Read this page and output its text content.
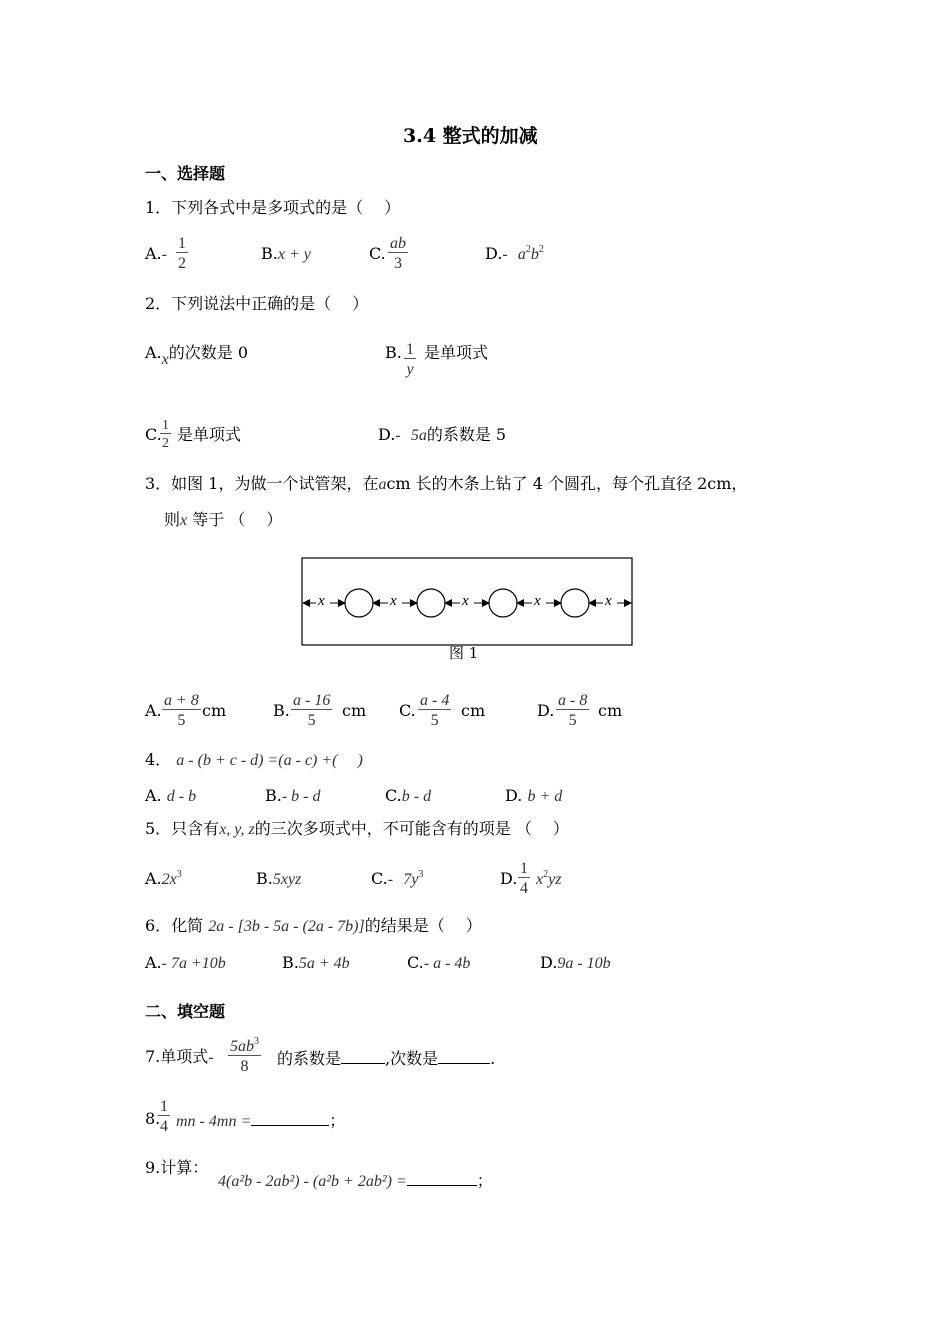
3.4 整式的加减
一、选择题
1．下列各式中是多项式的是（　 ）
$A.- \frac{1}{2}$	B.x + y	C. $\frac{ab}{3}$	D.- $a^2b^2$
2．下列说法中正确的是（　 ）
A.x的次数是 0	B. $\frac{1}{y}$ 是单项式
C.
$\frac{1}{2}$ 是单项式	D.- 5a的系数是 5
3．如图 1，为做一个试管架，在acm 长的木条上钻了 4 个圆孔，每个孔直径 2cm，
则x 等于 （　 ）
x	x	x	x	x
图 1
A. $\frac{a + 8}{5}$ cm	B. $\frac{a - 16}{5}$ cm C. $\frac{a - 4}{5}$ cm	D. $\frac{a - 8}{5}$ cm
4． a - (b + c - d) =(a - c) +(　 )
A. d - b	B.- b - d	C.b - d	D. b + d
5．只含有x, y, z的三次多项式中，不可能含有的项是 （　 ）
$A.2x^3$	B.5xyz	C.- $7y^3$	D. $\frac{1}{4} x^2yz$
6．化简 2a - [3b - 5a - (2a - 7b)]的结果是（　 ）
A.- 7a +10b	B.5a + 4b	C.- a - 4b	D.9a - 10b
二、填空题
7.单项式- $\frac{5ab^3}{8}$ 的系数是	,次数是	.
8.
$\frac{1}{4}$ mn - 4mn =	；
9.计算：
4(a²b - 2ab²) - (a²b + 2ab²) =	；
